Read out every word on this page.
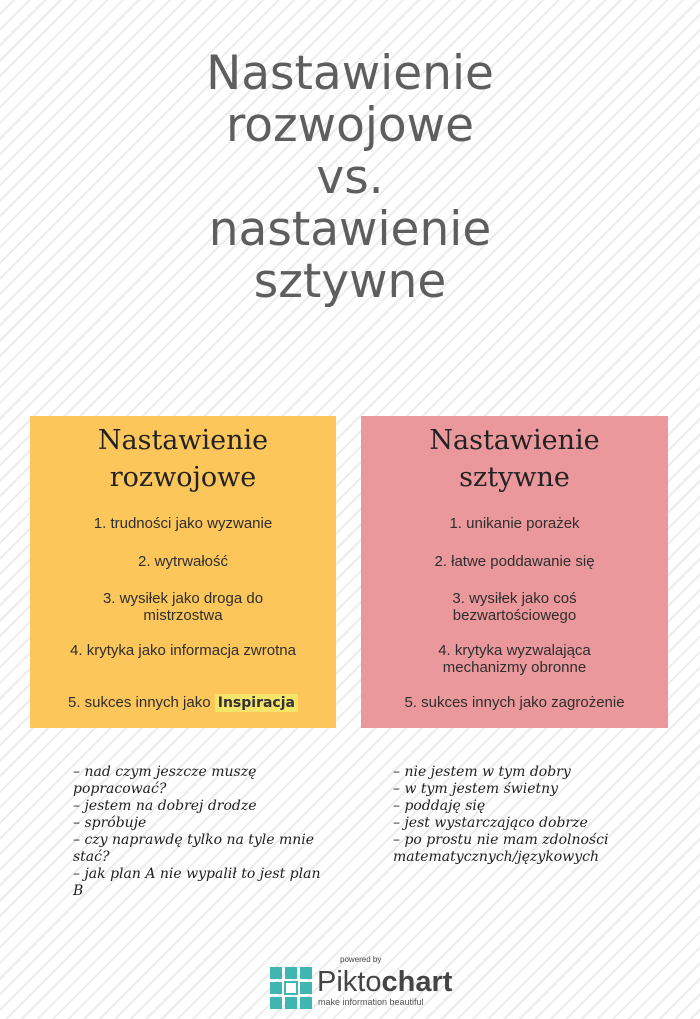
Nastawienie
rozwojowe
vs.
nastawienie
sztywne
Nastawienie
rozwojowe
1. trudności jako wyzwanie
2. wytrwałość
3. wysiłek jako droga do mistrzostwa
4. krytyka jako informacja zwrotna
5. sukces innych jako Inspiracja
Nastawienie
sztywne
1. unikanie porażek
2. łatwe poddawanie się
3. wysiłek jako coś bezwartościowego
4. krytyka wyzwalająca mechanizmy obronne
5. sukces innych jako zagrożenie
– nad czym jeszcze muszę popracować?
– jestem na dobrej drodze
– spróbuje
– czy naprawdę tylko na tyle mnie stać?
– jak plan A nie wypalił to jest plan B
– nie jestem w tym dobry
– w tym jestem świetny
– poddaję się
– jest wystarczająco dobrze
– po prostu nie mam zdolności matematycznych/językowych
powered by
Piktochart
make information beautiful
